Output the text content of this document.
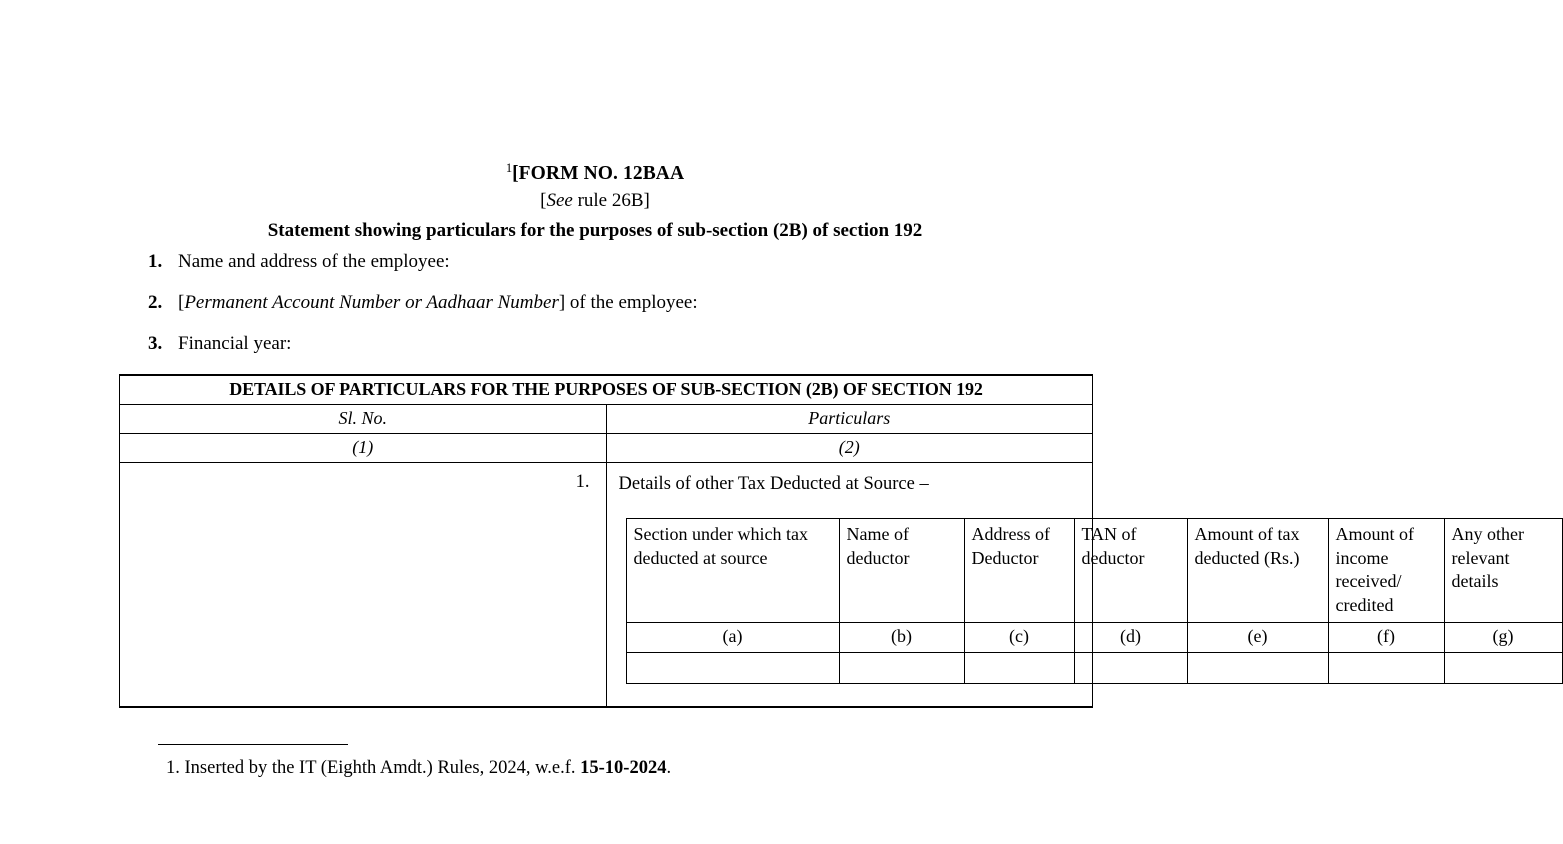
$^1$[FORM NO. 12BAA
[See rule 26B]
Statement showing particulars for the purposes of sub-section (2B) of section 192
1. Name and address of the employee:
2. [Permanent Account Number or Aadhaar Number] of the employee:
3. Financial year:
DETAILS OF PARTICULARS FOR THE PURPOSES OF SUB-SECTION (2B) OF SECTION 192
Sl. No.	Particulars
(1)	(2)
1.	Details of other Tax Deducted at Source –
Section under which tax deducted at source	Name of deductor	Address of Deductor	TAN of deductor	Amount of tax deducted (Rs.)	Amount of income received/ credited	Any other relevant details
(a)	(b)	(c)	(d)	(e)	(f)	(g)

1. Inserted by the IT (Eighth Amdt.) Rules, 2024, w.e.f. 15-10-2024.
